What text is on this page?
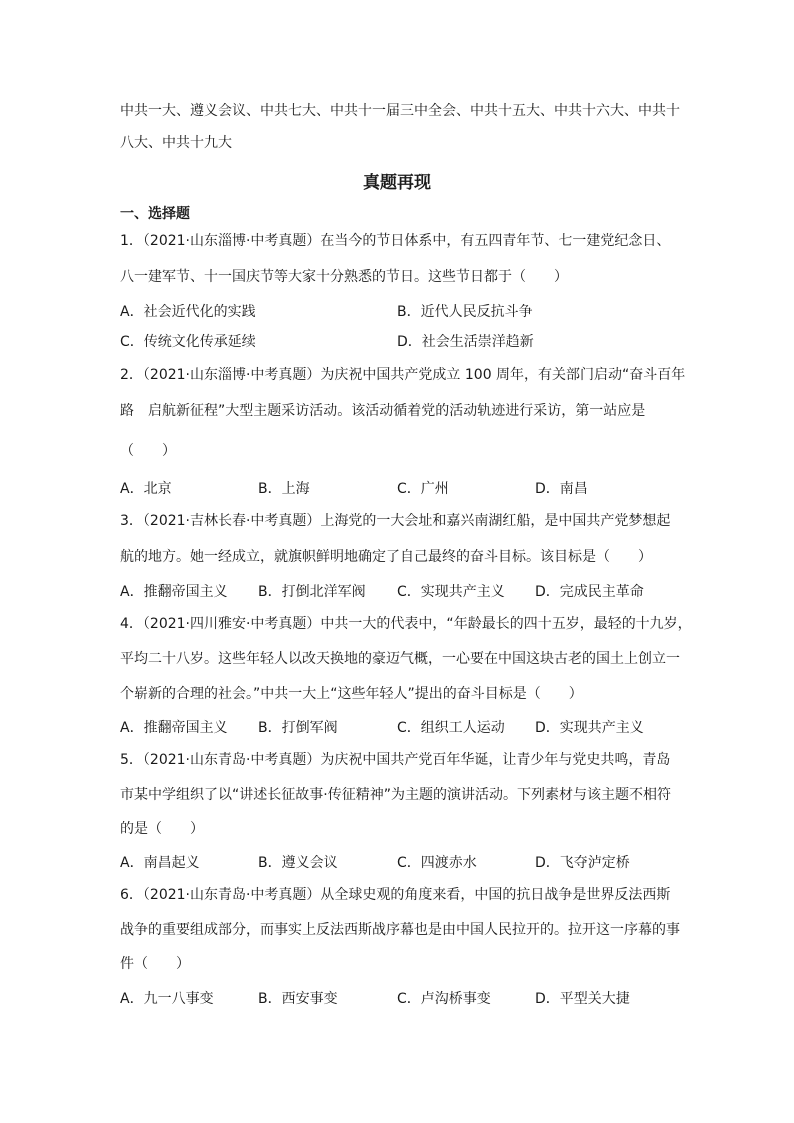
中共一大、遵义会议、中共七大、中共十一届三中全会、中共十五大、中共十六大、中共十
八大、中共十九大
真题再现
一、选择题
1．（2021·山东淄博·中考真题）在当今的节日体系中，有五四青年节、七一建党纪念日、
八一建军节、十一国庆节等大家十分熟悉的节日。这些节日都于（　　）
A．社会近代化的实践	B．近代人民反抗斗争
C．传统文化传承延续	D．社会生活崇洋趋新
2．（2021·山东淄博·中考真题）为庆祝中国共产党成立 100 周年，有关部门启动“奋斗百年
路　启航新征程”大型主题采访活动。该活动循着党的活动轨迹进行采访，第一站应是
（　　）
A．北京	B．上海	C．广州	D．南昌
3．（2021·吉林长春·中考真题）上海党的一大会址和嘉兴南湖红船，是中国共产党梦想起
航的地方。她一经成立，就旗帜鲜明地确定了自己最终的奋斗目标。该目标是（　　）
A．推翻帝国主义 B．打倒北洋军阀 C．实现共产主义 D．完成民主革命
4．（2021·四川雅安·中考真题）中共一大的代表中，“年龄最长的四十五岁，最轻的十九岁，
平均二十八岁。这些年轻人以改天换地的豪迈气概，一心要在中国这块古老的国土上创立一
个崭新的合理的社会。”中共一大上“这些年轻人”提出的奋斗目标是（　　）
A．推翻帝国主义 B．打倒军阀	C．组织工人运动 D．实现共产主义
5．（2021·山东青岛·中考真题）为庆祝中国共产党百年华诞，让青少年与党史共鸣，青岛
市某中学组织了以“讲述长征故事·传征精神”为主题的演讲活动。下列素材与该主题不相符
的是（　　）
A．南昌起义	B．遵义会议	C．四渡赤水	D．飞夺泸定桥
6．（2021·山东青岛·中考真题）从全球史观的角度来看，中国的抗日战争是世界反法西斯
战争的重要组成部分，而事实上反法西斯战序幕也是由中国人民拉开的。拉开这一序幕的事
件（　　）
A．九一八事变	B．西安事变	C．卢沟桥事变	D．平型关大捷
